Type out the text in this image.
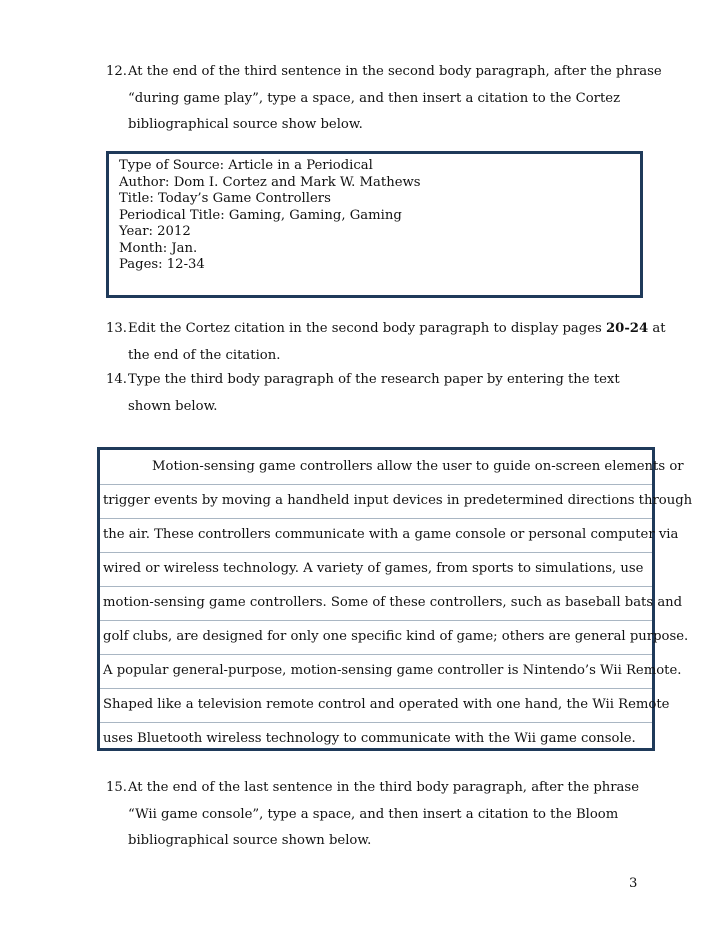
12. At the end of the third sentence in the second body paragraph, after the phrase “during game play”, type a space, and then insert a citation to the Cortez bibliographical source show below.
Type of Source: Article in a Periodical
Author: Dom I. Cortez and Mark W. Mathews
Title: Today’s Game Controllers
Periodical Title: Gaming, Gaming, Gaming
Year: 2012
Month: Jan.
Pages: 12-34
13. Edit the Cortez citation in the second body paragraph to display pages 20-24 at the end of the citation.
14. Type the third body paragraph of the research paper by entering the text shown below.
Motion-sensing game controllers allow the user to guide on-screen elements or
trigger events by moving a handheld input devices in predetermined directions through
the air. These controllers communicate with a game console or personal computer via
wired or wireless technology. A variety of games, from sports to simulations, use
motion-sensing game controllers. Some of these controllers, such as baseball bats and
golf clubs, are designed for only one specific kind of game; others are general purpose.
A popular general-purpose, motion-sensing game controller is Nintendo’s Wii Remote.
Shaped like a television remote control and operated with one hand, the Wii Remote
uses Bluetooth wireless technology to communicate with the Wii game console.
15. At the end of the last sentence in the third body paragraph, after the phrase “Wii game console”, type a space, and then insert a citation to the Bloom bibliographical source shown below.
3
